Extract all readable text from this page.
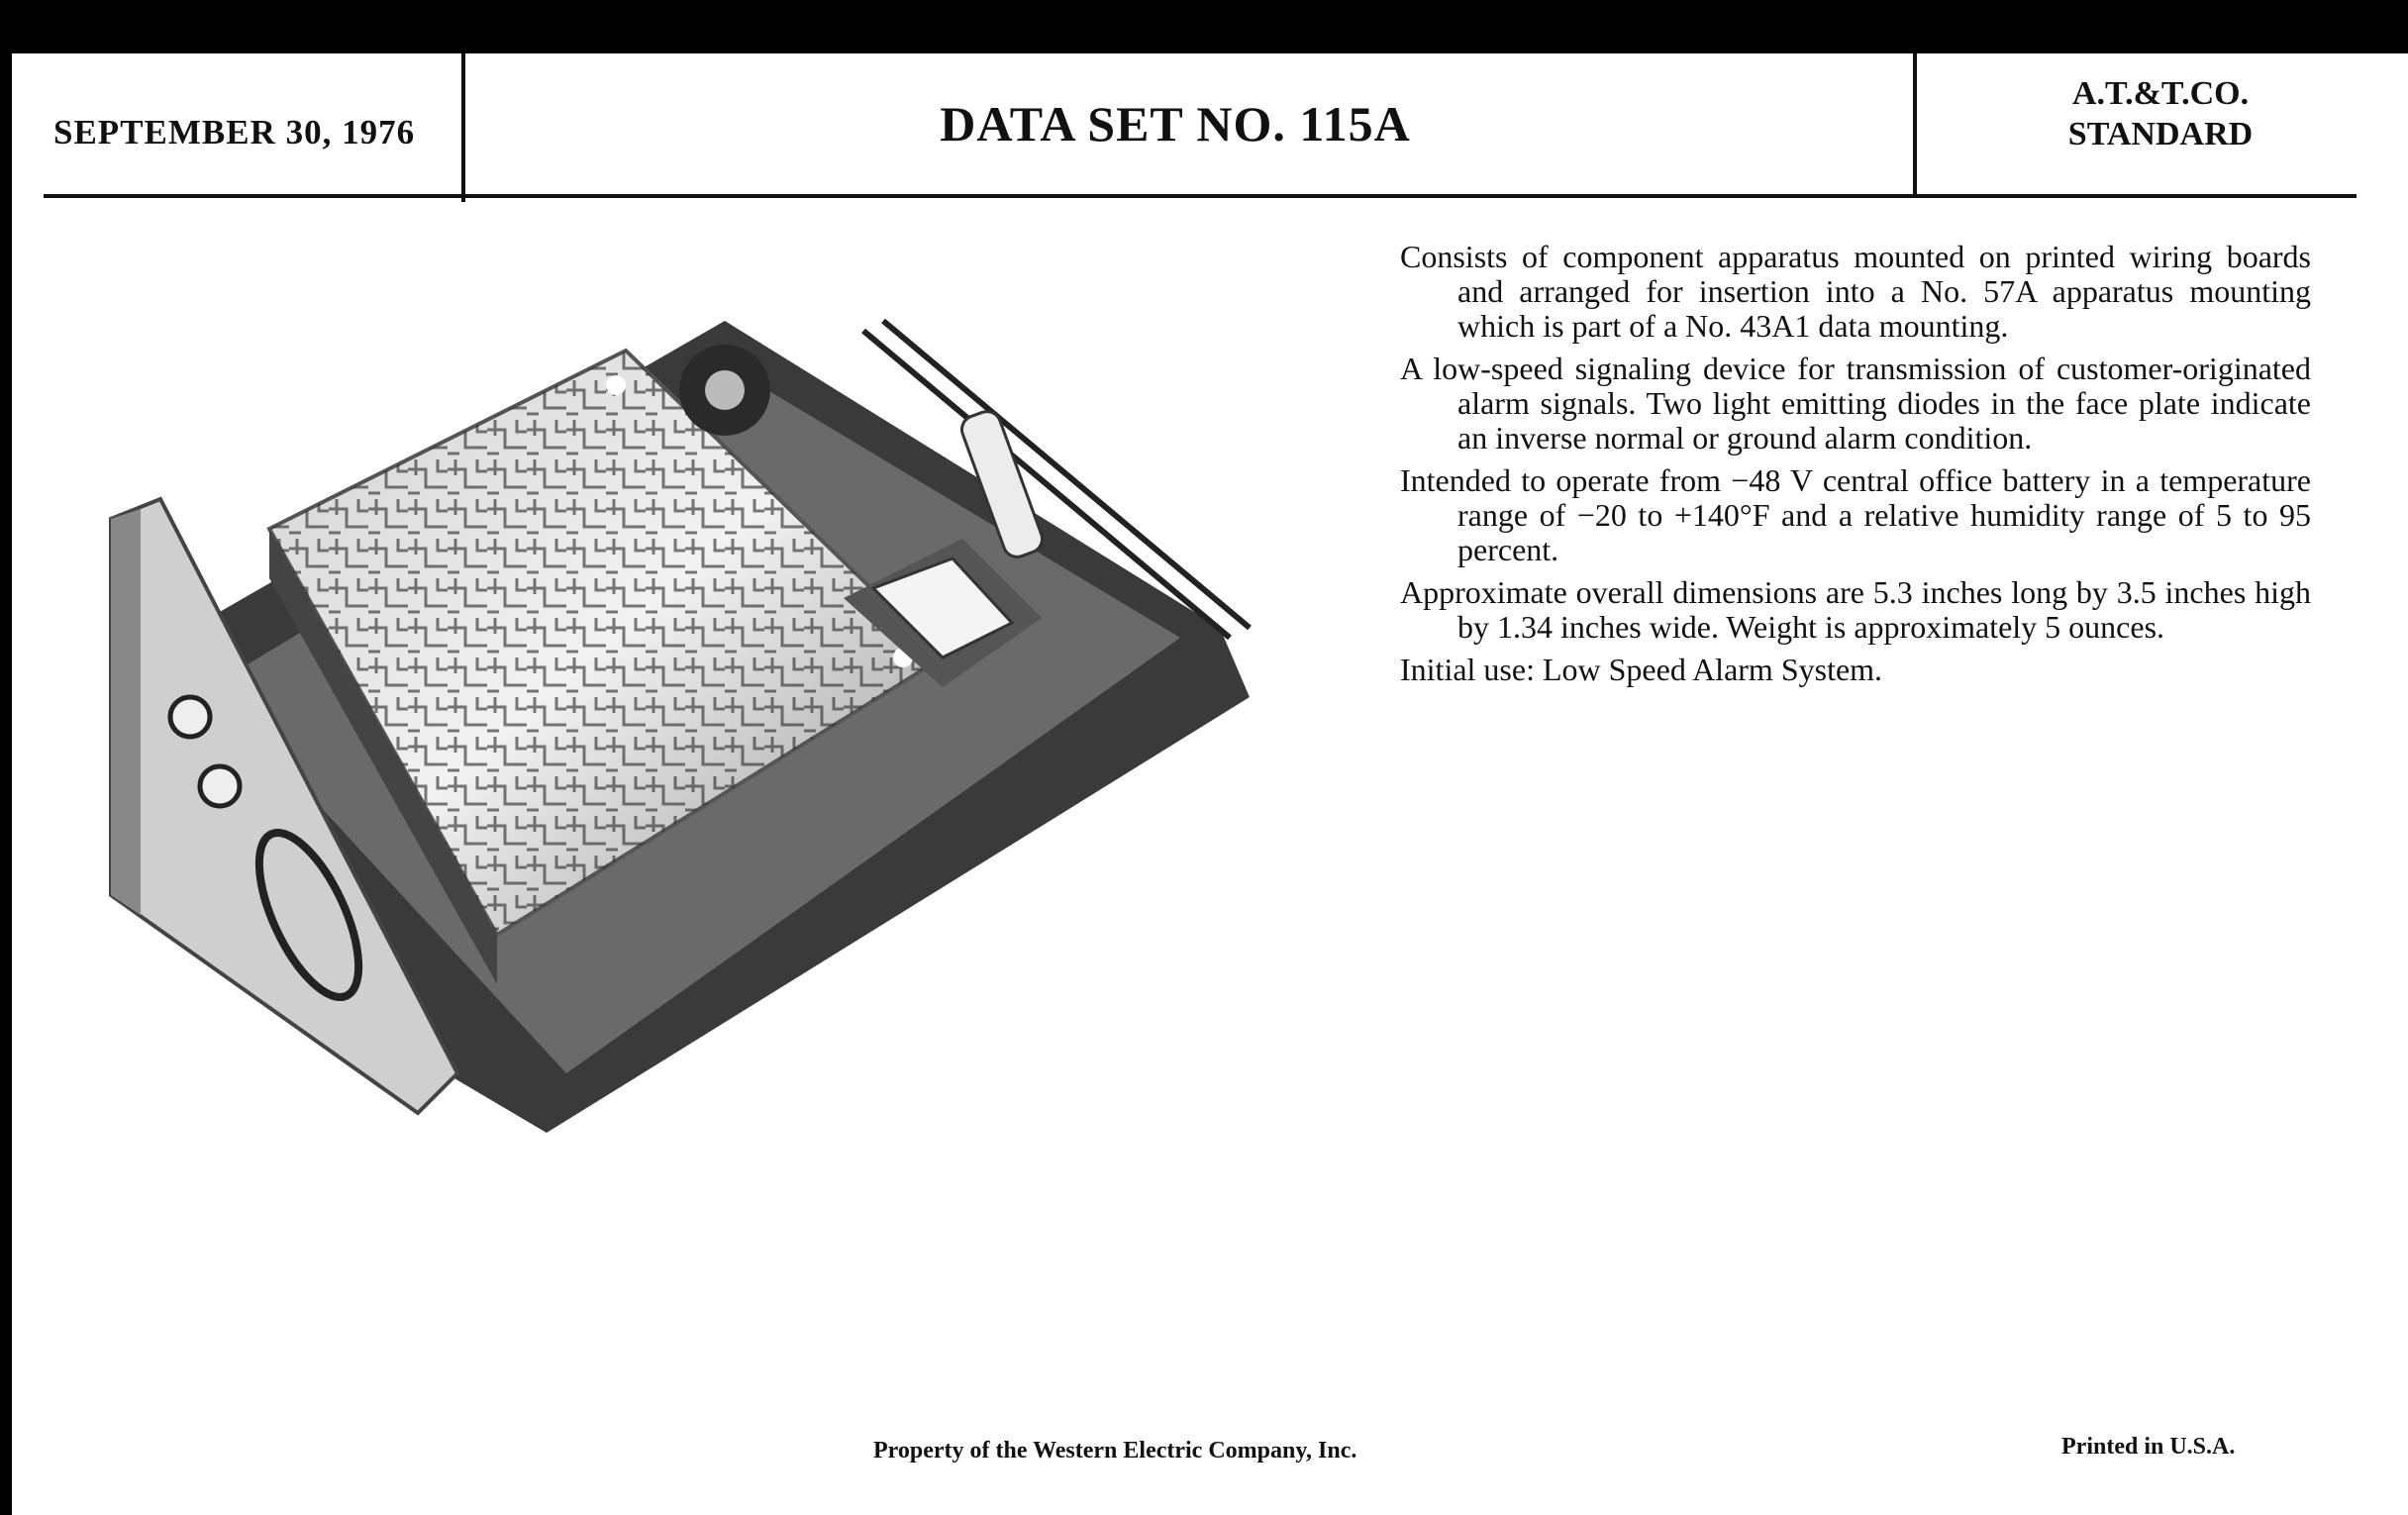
SEPTEMBER 30, 1976	DATA SET NO. 115A
A.T.&T.CO.
STANDARD

Consists of component apparatus mounted on printed wiring boards and arranged for insertion into a No. 57A apparatus mounting which is part of a No. 43A1 data mounting.

A low-speed signaling device for transmission of customer-originated alarm signals. Two light emitting diodes in the face plate indicate an inverse normal or ground alarm condition.

Intended to operate from −48 V central office battery in a temperature range of −20 to +140°F and a relative humidity range of 5 to 95 percent.

Approximate overall dimensions are 5.3 inches long by 3.5 inches high by 1.34 inches wide. Weight is approximately 5 ounces.

Initial use: Low Speed Alarm System.

Property of the Western Electric Company, Inc.	Printed in U.S.A.
